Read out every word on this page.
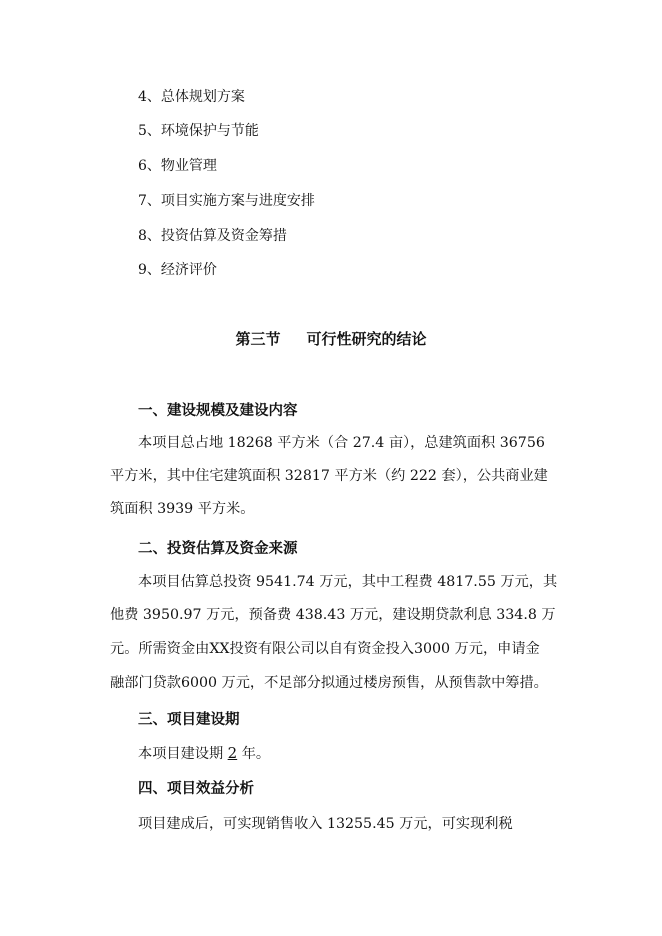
4、总体规划方案
5、环境保护与节能
6、物业管理
7、项目实施方案与进度安排
8、投资估算及资金筹措
9、经济评价
第三节 可行性研究的结论
一、建设规模及建设内容
本项目总占地 18268 平方米（合 27.4 亩），总建筑面积 36756
平方米，其中住宅建筑面积 32817 平方米（约 222 套），公共商业建
筑面积 3939 平方米。
二、投资估算及资金来源
本项目估算总投资 9541.74 万元，其中工程费 4817.55 万元，其
他费 3950.97 万元，预备费 438.43 万元，建设期贷款利息 334.8 万
元。所需资金由XX投资有限公司以自有资金投入3000 万元，申请金
融部门贷款6000 万元，不足部分拟通过楼房预售，从预售款中筹措。
三、项目建设期
本项目建设期 2 年。
四、项目效益分析
项目建成后，可实现销售收入 13255.45 万元，可实现利税
